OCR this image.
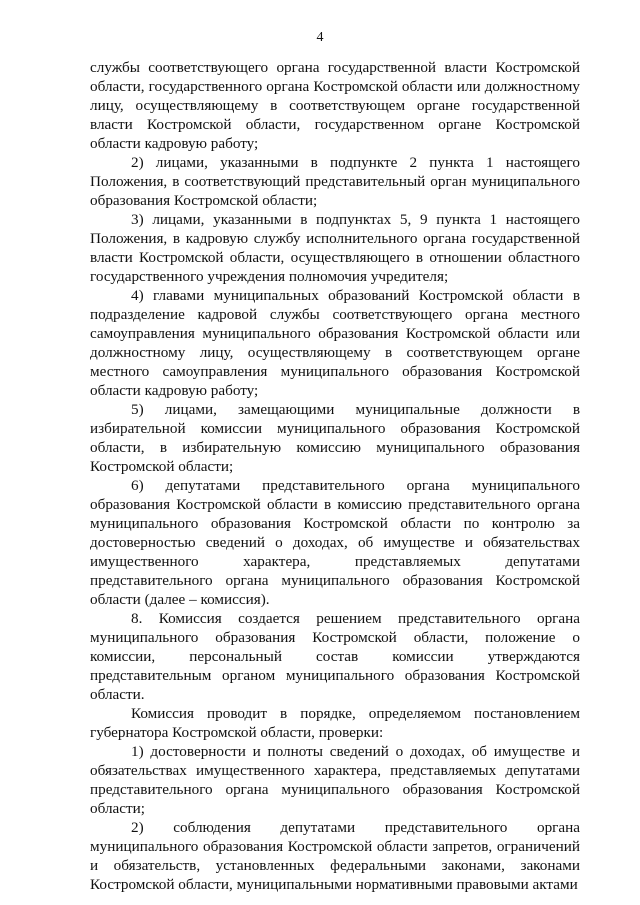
4

службы соответствующего органа государственной власти Костромской области, государственного органа Костромской области или должностному лицу, осуществляющему в соответствующем органе государственной власти Костромской области, государственном органе Костромской области кадровую работу;

2) лицами, указанными в подпункте 2 пункта 1 настоящего Положения, в соответствующий представительный орган муниципального образования Костромской области;

3) лицами, указанными в подпунктах 5, 9 пункта 1 настоящего Положения, в кадровую службу исполнительного органа государственной власти Костромской области, осуществляющего в отношении областного государственного учреждения полномочия учредителя;

4) главами муниципальных образований Костромской области в подразделение кадровой службы соответствующего органа местного самоуправления муниципального образования Костромской области или должностному лицу, осуществляющему в соответствующем органе местного самоуправления муниципального образования Костромской области кадровую работу;

5) лицами, замещающими муниципальные должности в избирательной комиссии муниципального образования Костромской области, в избирательную комиссию муниципального образования Костромской области;

6) депутатами представительного органа муниципального образования Костромской области в комиссию представительного органа муниципального образования Костромской области по контролю за достоверностью сведений о доходах, об имуществе и обязательствах имущественного характера, представляемых депутатами представительного органа муниципального образования Костромской области (далее – комиссия).

8. Комиссия создается решением представительного органа муниципального образования Костромской области, положение о комиссии, персональный состав комиссии утверждаются представительным органом муниципального образования Костромской области.

Комиссия проводит в порядке, определяемом постановлением губернатора Костромской области, проверки:

1) достоверности и полноты сведений о доходах, об имуществе и обязательствах имущественного характера, представляемых депутатами представительного органа муниципального образования Костромской области;

2) соблюдения депутатами представительного органа муниципального образования Костромской области запретов, ограничений и обязательств, установленных федеральными законами, законами Костромской области, муниципальными нормативными правовыми актами
